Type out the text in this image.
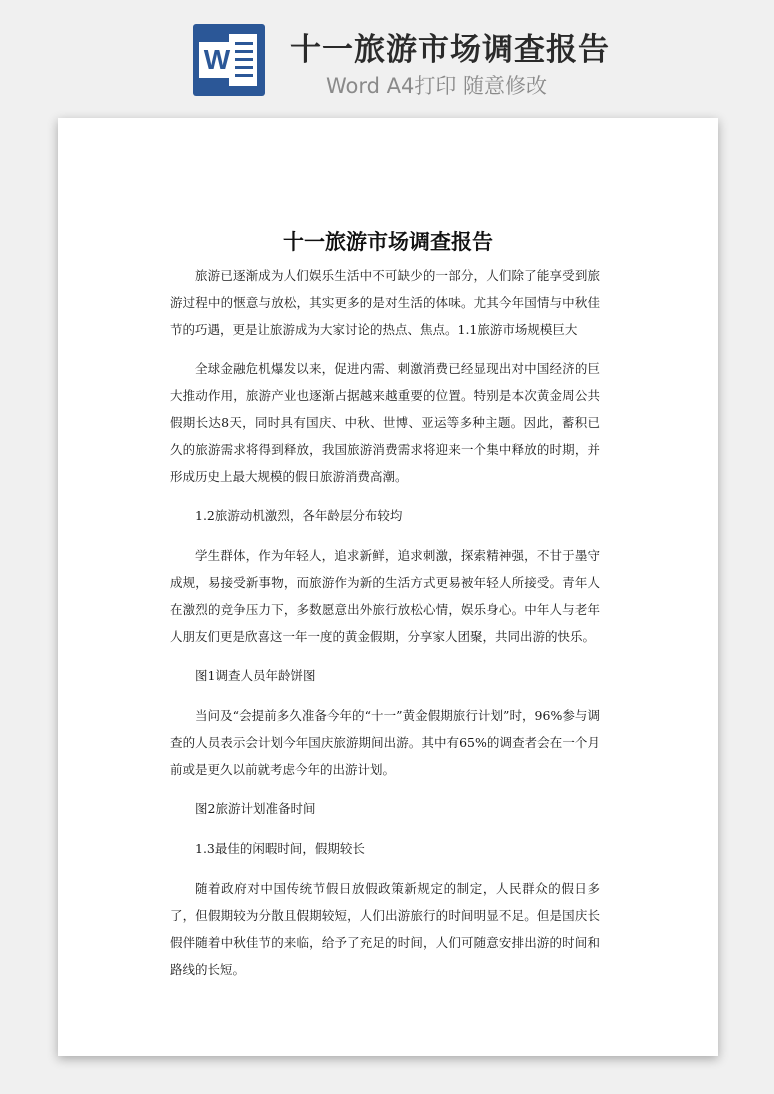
W 十一旅游市场调查报告
Word A4打印 随意修改

十一旅游市场调查报告

旅游已逐渐成为人们娱乐生活中不可缺少的一部分，人们除了能享受到旅游过程中的惬意与放松，其实更多的是对生活的体味。尤其今年国情与中秋佳节的巧遇，更是让旅游成为大家讨论的热点、焦点。1.1旅游市场规模巨大

全球金融危机爆发以来，促进内需、刺激消费已经显现出对中国经济的巨大推动作用，旅游产业也逐渐占据越来越重要的位置。特别是本次黄金周公共假期长达8天，同时具有国庆、中秋、世博、亚运等多种主题。因此，蓄积已久的旅游需求将得到释放，我国旅游消费需求将迎来一个集中释放的时期，并形成历史上最大规模的假日旅游消费高潮。

1.2旅游动机激烈，各年龄层分布较均

学生群体，作为年轻人，追求新鲜，追求刺激，探索精神强，不甘于墨守成规，易接受新事物，而旅游作为新的生活方式更易被年轻人所接受。青年人在激烈的竞争压力下，多数愿意出外旅行放松心情，娱乐身心。中年人与老年人朋友们更是欣喜这一年一度的黄金假期，分享家人团聚，共同出游的快乐。

图1调查人员年龄饼图

当问及“会提前多久准备今年的“十一”黄金假期旅行计划”时，96%参与调查的人员表示会计划今年国庆旅游期间出游。其中有65%的调查者会在一个月前或是更久以前就考虑今年的出游计划。

图2旅游计划准备时间

1.3最佳的闲暇时间，假期较长

随着政府对中国传统节假日放假政策新规定的制定，人民群众的假日多了，但假期较为分散且假期较短，人们出游旅行的时间明显不足。但是国庆长假伴随着中秋佳节的来临，给予了充足的时间，人们可随意安排出游的时间和路线的长短。
